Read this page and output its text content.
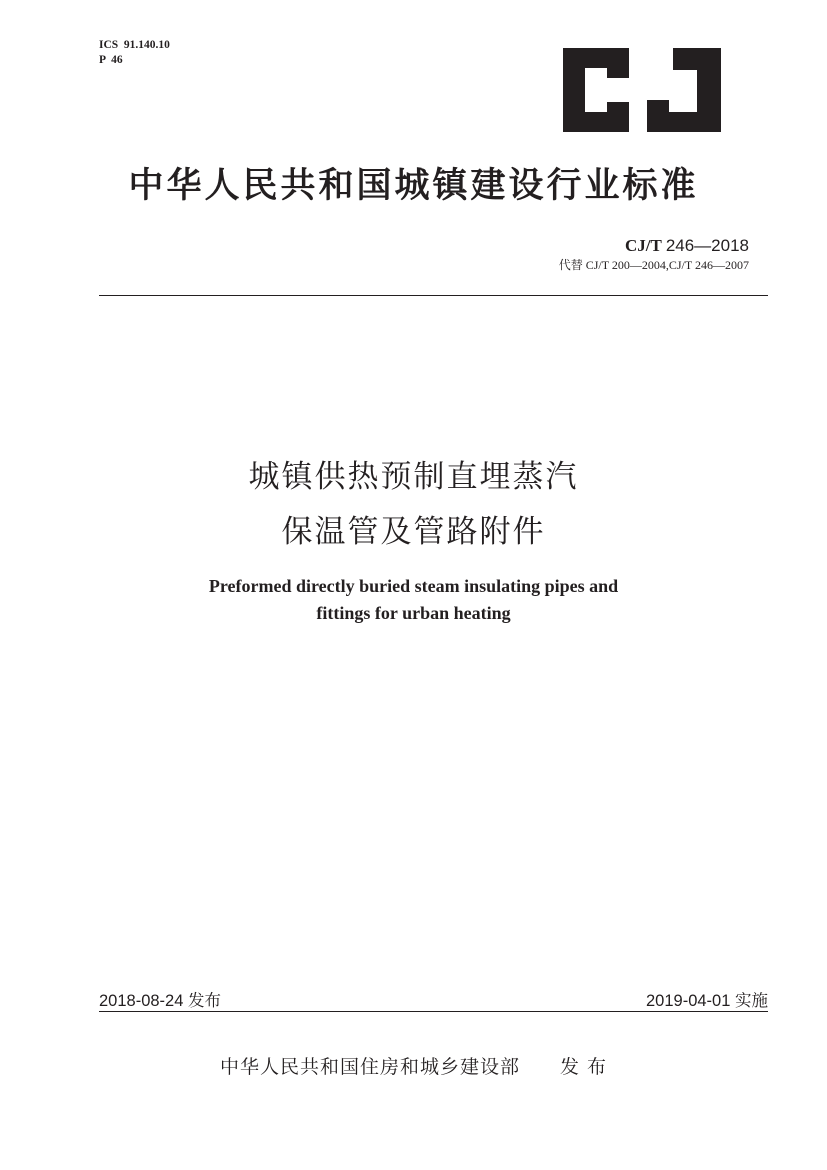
ICS  91.140.10
P  46
中华人民共和国城镇建设行业标准
CJ/T 246—2018
代替 CJ/T 200—2004,CJ/T 246—2007
城镇供热预制直埋蒸汽
保温管及管路附件
Preformed directly buried steam insulating pipes and
fittings for urban heating
2018-08-24 发布	2019-04-01 实施
中华人民共和国住房和城乡建设部 发 布
